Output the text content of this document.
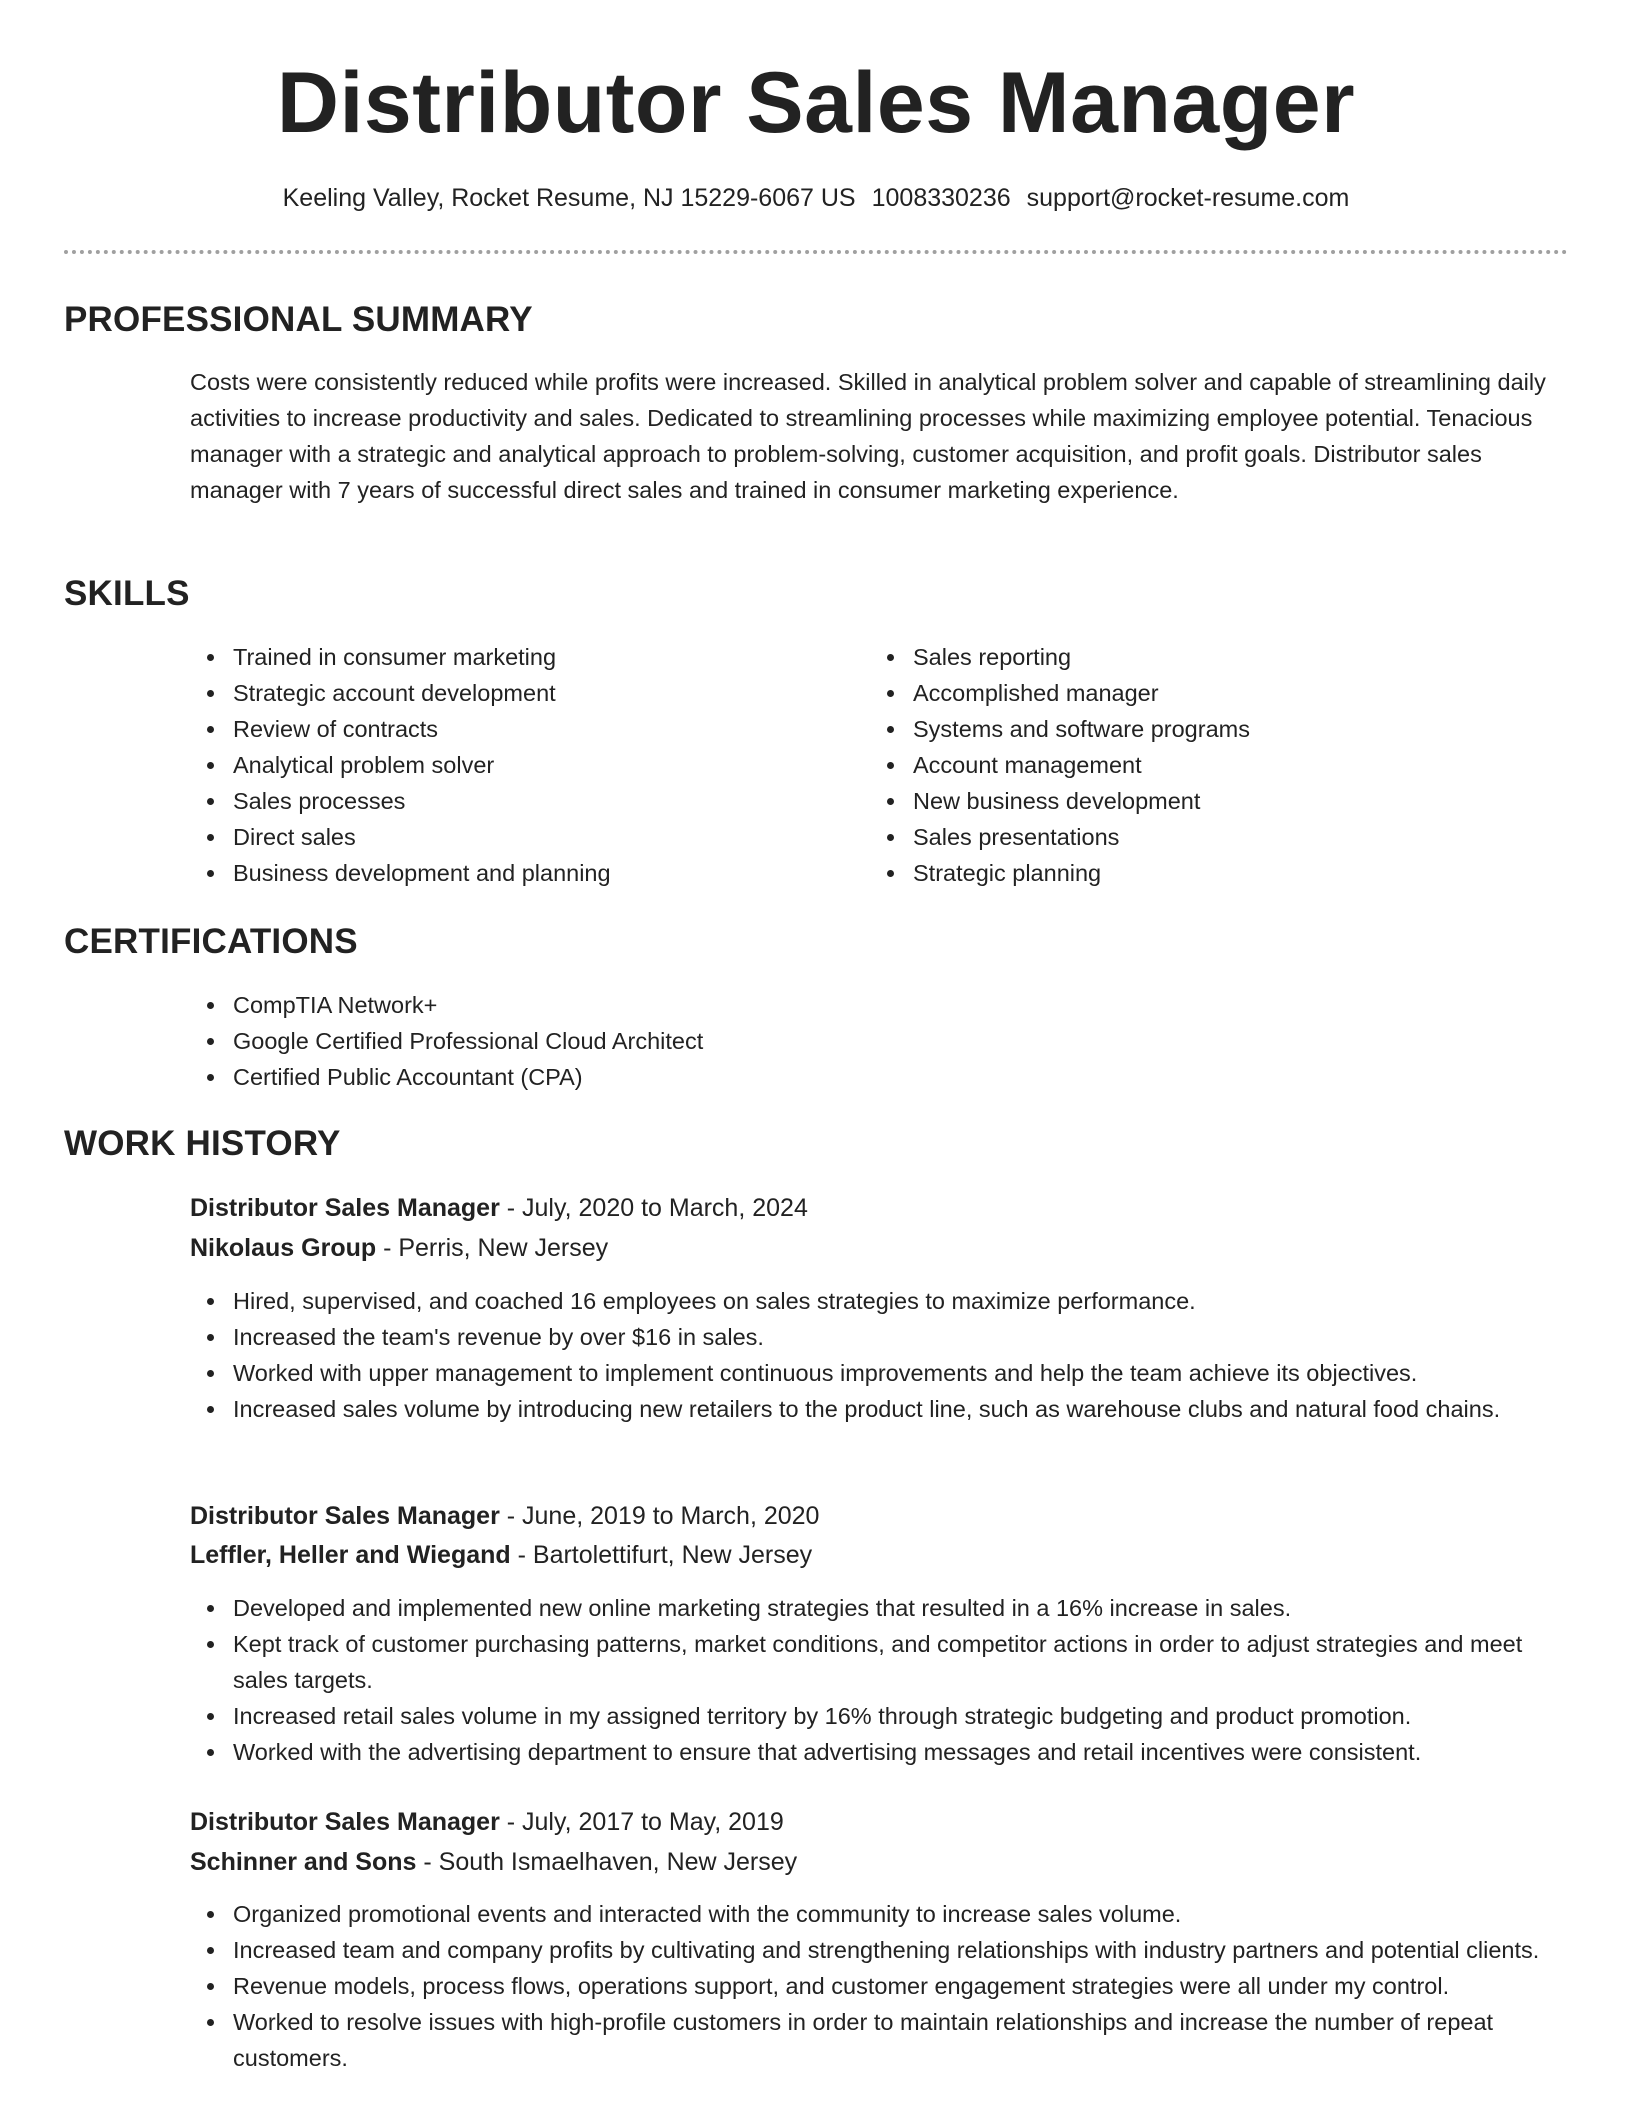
Distributor Sales Manager
Keeling Valley, Rocket Resume, NJ 15229-6067 US 1008330236 support@rocket-resume.com
PROFESSIONAL SUMMARY

Costs were consistently reduced while profits were increased. Skilled in analytical problem solver and capable of streamlining daily activities to increase productivity and sales. Dedicated to streamlining processes while maximizing employee potential. Tenacious manager with a strategic and analytical approach to problem-solving, customer acquisition, and profit goals. Distributor sales manager with 7 years of successful direct sales and trained in consumer marketing experience.

SKILLS
Trained in consumer marketing
Strategic account development
Review of contracts
Analytical problem solver
Sales processes
Direct sales
Business development and planning
Sales reporting
Accomplished manager
Systems and software programs
Account management
New business development
Sales presentations
Strategic planning
CERTIFICATIONS
CompTIA Network+
Google Certified Professional Cloud Architect
Certified Public Accountant (CPA)
WORK HISTORY
Distributor Sales Manager - July, 2020 to March, 2024
Nikolaus Group - Perris, New Jersey
Hired, supervised, and coached 16 employees on sales strategies to maximize performance.
Increased the team's revenue by over $16 in sales.
Worked with upper management to implement continuous improvements and help the team achieve its objectives.
Increased sales volume by introducing new retailers to the product line, such as warehouse clubs and natural food chains.
Distributor Sales Manager - June, 2019 to March, 2020
Leffler, Heller and Wiegand - Bartolettifurt, New Jersey
Developed and implemented new online marketing strategies that resulted in a 16% increase in sales.
Kept track of customer purchasing patterns, market conditions, and competitor actions in order to adjust strategies and meet sales targets.
Increased retail sales volume in my assigned territory by 16% through strategic budgeting and product promotion.
Worked with the advertising department to ensure that advertising messages and retail incentives were consistent.
Distributor Sales Manager - July, 2017 to May, 2019
Schinner and Sons - South Ismaelhaven, New Jersey
Organized promotional events and interacted with the community to increase sales volume.
Increased team and company profits by cultivating and strengthening relationships with industry partners and potential clients.
Revenue models, process flows, operations support, and customer engagement strategies were all under my control.
Worked to resolve issues with high-profile customers in order to maintain relationships and increase the number of repeat customers.
